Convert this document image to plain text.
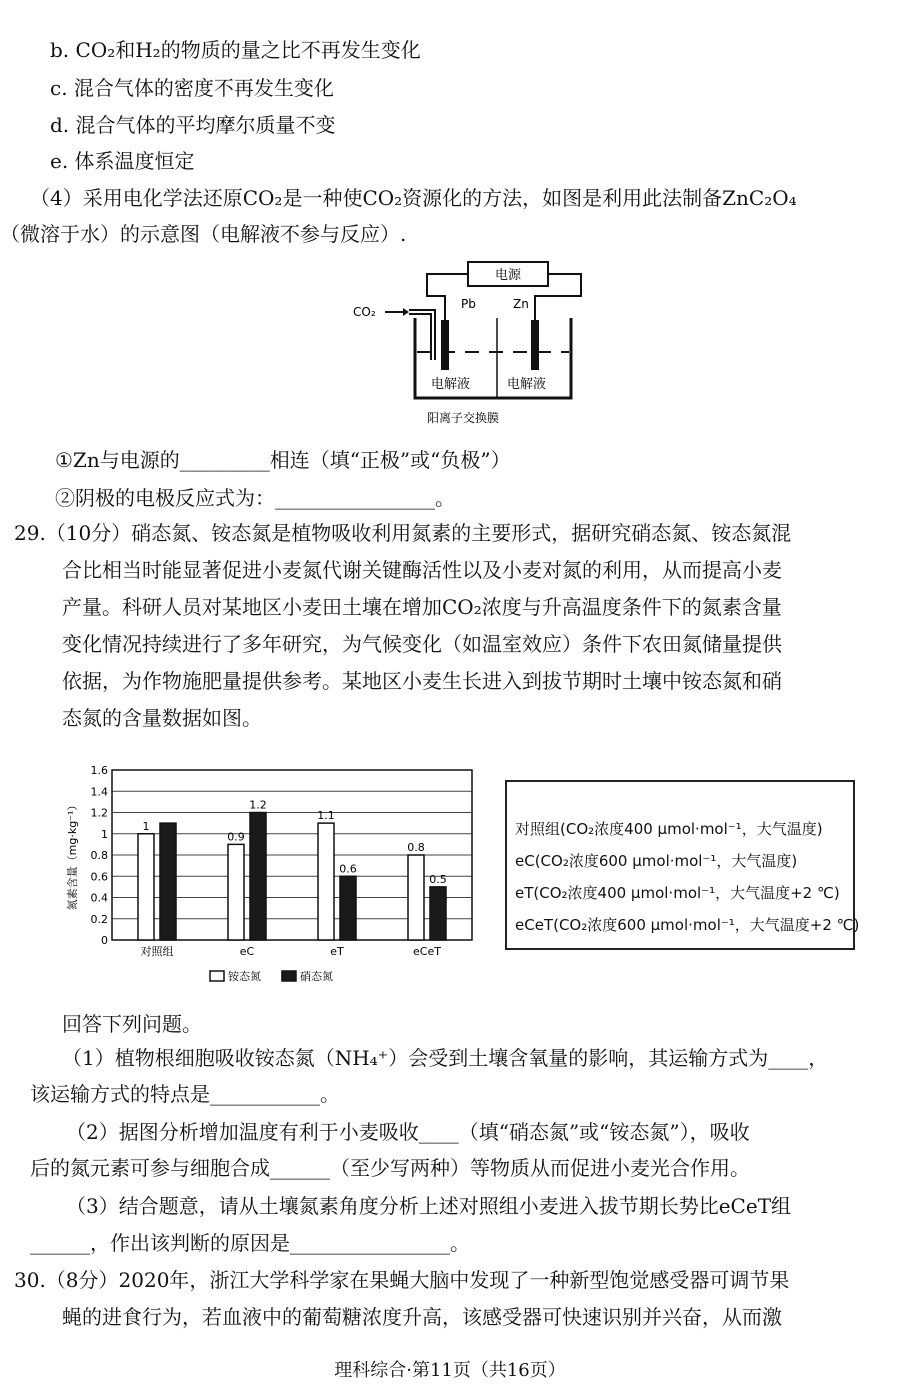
b. CO₂和H₂的物质的量之比不再发生变化
c. 混合气体的密度不再发生变化
d. 混合气体的平均摩尔质量不变
e. 体系温度恒定
（4）采用电化学法还原CO₂是一种使CO₂资源化的方法，如图是利用此法制备ZnC₂O₄
（微溶于水）的示意图（电解液不参与反应）.
电源
Pb	Zn
CO₂
电解液	电解液
阳离子交换膜
①Zn与电源的_________相连（填“正极”或“负极”）
②阴极的电极反应式为：________________。
29.（10分）硝态氮、铵态氮是植物吸收利用氮素的主要形式，据研究硝态氮、铵态氮混
合比相当时能显著促进小麦氮代谢关键酶活性以及小麦对氮的利用，从而提高小麦
产量。科研人员对某地区小麦田土壤在增加CO₂浓度与升高温度条件下的氮素含量
变化情况持续进行了多年研究，为气候变化（如温室效应）条件下农田氮储量提供
依据，为作物施肥量提供参考。某地区小麦生长进入到拔节期时土壤中铵态氮和硝
态氮的含量数据如图。
0
0.2
0.4
0.6
0.8
1
1.2
1.4
1.6
氮素含量（mg·kg⁻¹）	1
对照组
0.9
1.2
eC
1.1
0.6
eT
0.8
0.5
eCeT
铵态氮	硝态氮
对照组(CO₂浓度400 μmol·mol⁻¹，大气温度)
eC(CO₂浓度600 μmol·mol⁻¹，大气温度)
eT(CO₂浓度400 μmol·mol⁻¹，大气温度+2 ℃)
eCeT(CO₂浓度600 μmol·mol⁻¹，大气温度+2 ℃)
回答下列问题。
（1）植物根细胞吸收铵态氮（NH₄⁺）会受到土壤含氧量的影响，其运输方式为____，
该运输方式的特点是___________。
（2）据图分析增加温度有利于小麦吸收____（填“硝态氮”或“铵态氮”），吸收
后的氮元素可参与细胞合成______（至少写两种）等物质从而促进小麦光合作用。
（3）结合题意，请从土壤氮素角度分析上述对照组小麦进入拔节期长势比eCeT组
______，作出该判断的原因是________________。
30.（8分）2020年，浙江大学科学家在果蝇大脑中发现了一种新型饱觉感受器可调节果
蝇的进食行为，若血液中的葡萄糖浓度升高，该感受器可快速识别并兴奋，从而激
理科综合·第11页（共16页）
